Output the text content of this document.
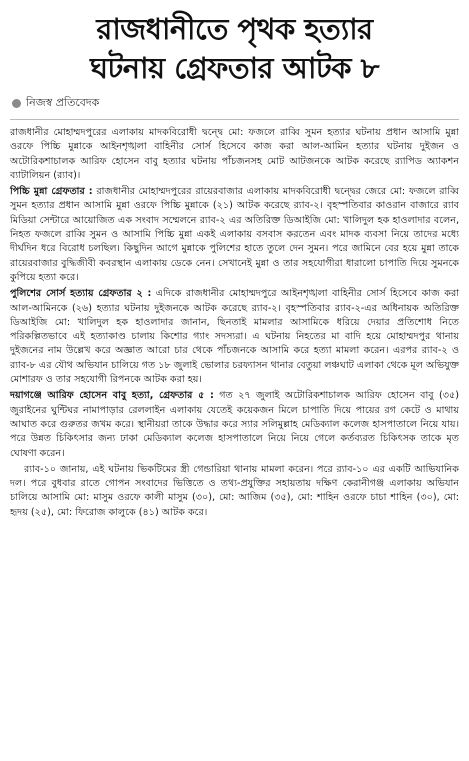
রাজধানীতে পৃথক হত্যার
ঘটনায় গ্রেফতার আটক ৮
নিজস্ব প্রতিবেদক

রাজধানীর মোহাম্মদপুরের এলাকায় মাদকবিরোধী দ্বন্দ্বে মো: ফজলে রাব্বি সুমন হত্যার ঘটনায় প্রধান আসামি মুন্না ওরফে পিচ্চি মুন্নাকে আইনশৃঙ্খলা বাহিনীর সোর্স হিসেবে কাজ করা আল-আমিন হত্যার ঘটনায় দুইজন ও অটোরিকশাচালক আরিফ হোসেন বাবু হত্যার ঘটনায় পাঁচজনসহ মোট আটজনকে আটক করেছে র‌্যাপিড অ্যাকশন ব্যাটালিয়ন (র‌্যাব)।

পিচ্চি মুন্না গ্রেফতার : রাজধানীর মোহাম্মদপুরের রায়েরবাজার এলাকায় মাদকবিরোধী দ্বন্দ্বের জেরে মো: ফজলে রাব্বি সুমন হত্যার প্রধান আসামি মুন্না ওরফে পিচ্চি মুন্নাকে (২১) আটক করেছে র‌্যাব-২। বৃহস্পতিবার কাওরান বাজারে র‌্যাব মিডিয়া সেন্টারে আয়োজিত এক সংবাদ সম্মেলনে র‌্যাব-২ এর অতিরিক্ত ডিআইজি মো: খালিদুল হক হাওলাদার বলেন, নিহত ফজলে রাব্বি সুমন ও আসামি পিচ্চি মুন্না একই এলাকায় বসবাস করতেন এবং মাদক ব্যবসা নিয়ে তাদের মধ্যে দীর্ঘদিন ধরে বিরোধ চলছিল। কিছুদিন আগে মুন্নাকে পুলিশের হাতে তুলে দেন সুমন। পরে জামিনে বের হয়ে মুন্না তাকে রায়েরবাজার বুদ্ধিজীবী কবরস্থান এলাকায় ডেকে নেন। সেখানেই মুন্না ও তার সহযোগীরা ধারালো চাপাতি দিয়ে সুমনকে কুপিয়ে হত্যা করে।

পুলিশের সোর্স হত্যায় গ্রেফতার ২ : এদিকে রাজধানীর মোহাম্মদপুরে আইনশৃঙ্খলা বাহিনীর সোর্স হিসেবে কাজ করা আল-আমিনকে (২৬) হত্যার ঘটনায় দুইজনকে আটক করেছে র‌্যাব-২। বৃহস্পতিবার র‌্যাব-২-এর অধিনায়ক অতিরিক্ত ডিআইজি মো: খালিদুল হক হাওলাদার জানান, ছিনতাই মামলার আসামিকে ধরিয়ে দেয়ার প্রতিশোধ নিতে পরিকল্পিতভাবে এই হত্যাকাণ্ড চালায় কিশোর গ্যাং সদস্যরা। এ ঘটনায় নিহতের মা বাদি হয়ে মোহাম্মদপুর থানায় দুইজনের নাম উল্লেখ করে অজ্ঞাত আরো চার থেকে পাঁচজনকে আসামি করে হত্যা মামলা করেন। এরপর র‌্যাব-২ ও র‌্যাব-৮ এর যৌথ অভিযান চালিয়ে গত ১৮ জুলাই ভোলার চরফ্যাসন থানার বেতুয়া লঞ্চঘাট এলাকা থেকে মূল অভিযুক্ত মোশারফ ও তার সহযোগী রিপনকে আটক করা হয়।

দয়াগঞ্জে আরিফ হোসেন বাবু হত্যা, গ্রেফতার ৫ : গত ২৭ জুলাই অটোরিকশাচালক আরিফ হোসেন বাবু (৩৫) জুরাইনের ঘুন্টিঘর নামাপাড়ার রেললাইন এলাকায় যেতেই কয়েকজন মিলে চাপাতি দিয়ে পায়ের রগ কেটে ও মাথায় আঘাত করে গুরুতর জখম করে। স্থানীয়রা তাকে উদ্ধার করে স্যার সলিমুল্লাহ মেডিক্যাল কলেজ হাসপাতালে নিয়ে যায়। পরে উন্নত চিকিৎসার জন্য ঢাকা মেডিক্যাল কলেজ হাসপাতালে নিয়ে নিয়ে গেলে কর্তব্যরত চিকিৎসক তাকে মৃত ঘোষণা করেন।

র‌্যাব-১০ জানায়, এই ঘটনায় ভিকটিমের স্ত্রী গেন্ডারিয়া থানায় মামলা করেন। পরে র‌্যাব-১০ এর একটি আভিযানিক দল। পরে বুধবার রাতে গোপন সংবাদের ভিত্তিতে ও তথ্য-প্রযুক্তির সহায়তায় দক্ষিণ কেরানীগঞ্জ এলাকায় অভিযান চালিয়ে আসামি মো: মাসুম ওরফে কালী মাসুম (৩০), মো: আজিম (৩৫), মো: শাহিন ওরফে চাচা শাহিন (৩০), মো: হৃদয় (২৫), মো: ফিরোজ কালুকে (৪১) আটক করে।
